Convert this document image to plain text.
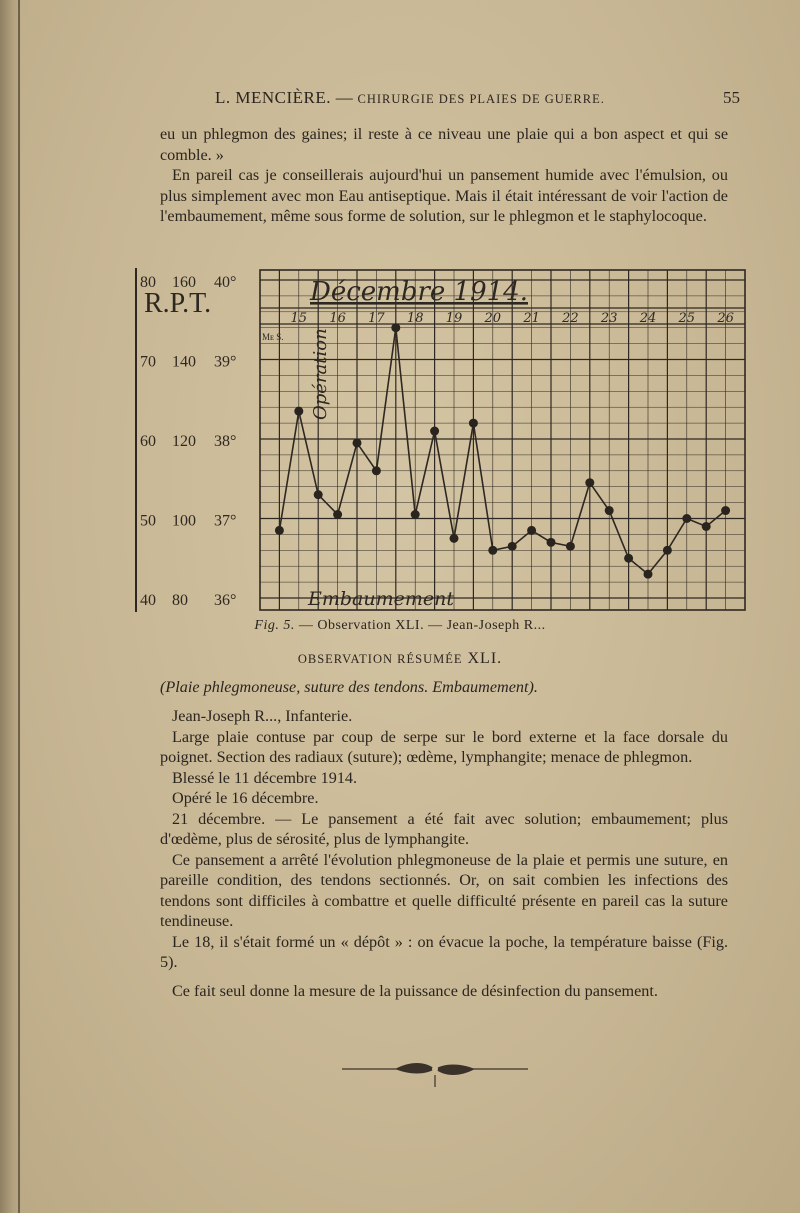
L. MENCIÈRE. — CHIRURGIE DES PLAIES DE GUERRE.	55

eu un phlegmon des gaines; il reste à ce niveau une plaie qui a bon aspect et qui se comble. »

En pareil cas je conseillerais aujourd'hui un pansement humide avec l'émulsion, ou plus simplement avec mon Eau antiseptique. Mais il était intéressant de voir l'action de l'embaumement, même sous forme de solution, sur le phlegmon et le staphylocoque.

R.P.T.
80 160 40°
70 140 39°
60 120 38°
50 100 37°
40 80 36°
Décembre 1914.
Mᴇ S.
15 16 17 18 19 20 21 22 23 24 25 26
Opération
Embaumement
Fig. 5. — Observation XLI. — Jean-Joseph R...
OBSERVATION RÉSUMÉE XLI.
(Plaie phlegmoneuse, suture des tendons. Embaumement).

Jean-Joseph R..., Infanterie.

Large plaie contuse par coup de serpe sur le bord externe et la face dorsale du poignet. Section des radiaux (suture); œdème, lymphangite; menace de phlegmon.

Blessé le 11 décembre 1914.

Opéré le 16 décembre.

21 décembre. — Le pansement a été fait avec solution; embaumement; plus d'œdème, plus de sérosité, plus de lymphangite.

Ce pansement a arrêté l'évolution phlegmoneuse de la plaie et permis une suture, en pareille condition, des tendons sectionnés. Or, on sait combien les infections des tendons sont difficiles à combattre et quelle difficulté présente en pareil cas la suture tendineuse.

Le 18, il s'était formé un « dépôt » : on évacue la poche, la température baisse (Fig. 5).

Ce fait seul donne la mesure de la puissance de désinfection du pansement.
